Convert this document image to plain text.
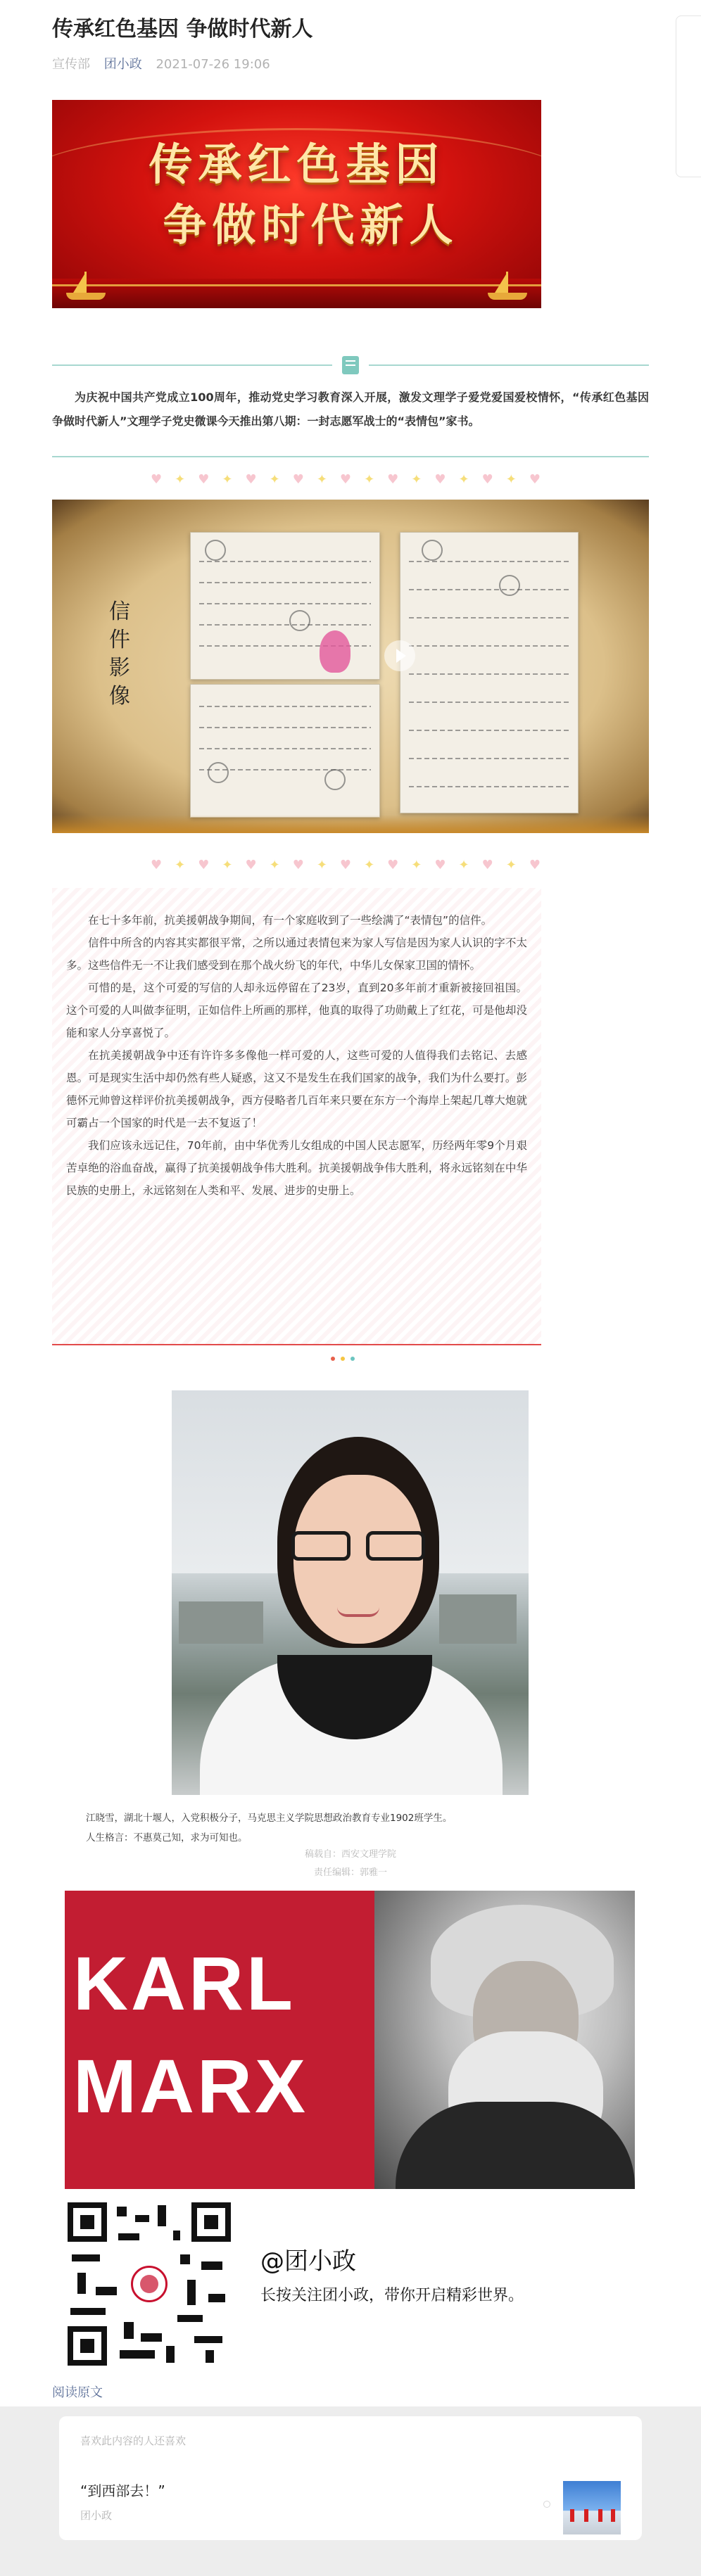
传承红色基因 争做时代新人
宣传部 团小政 2021-07-26 19:06
传承红色基因
争做时代新人

为庆祝中国共产党成立100周年，推动党史学习教育深入开展，激发文理学子爱党爱国爱校情怀，“传承红色基因 争做时代新人”文理学子党史微课今天推出第八期：一封志愿军战士的“表情包”家书。

♥✦♥✦♥✦♥✦♥✦♥✦♥✦♥✦♥
信件影像
♥✦♥✦♥✦♥✦♥✦♥✦♥✦♥✦♥

在七十多年前，抗美援朝战争期间，有一个家庭收到了一些绘满了“表情包”的信件。

信件中所含的内容其实都很平常，之所以通过表情包来为家人写信是因为家人认识的字不太多。这些信件无一不让我们感受到在那个战火纷飞的年代，中华儿女保家卫国的情怀。

可惜的是，这个可爱的写信的人却永远停留在了23岁，直到20多年前才重新被接回祖国。这个可爱的人叫做李征明，正如信件上所画的那样，他真的取得了功勋戴上了红花，可是他却没能和家人分享喜悦了。

在抗美援朝战争中还有许许多多像他一样可爱的人，这些可爱的人值得我们去铭记、去感恩。可是现实生活中却仍然有些人疑惑，这又不是发生在我们国家的战争，我们为什么要打。彭德怀元帅曾这样评价抗美援朝战争，西方侵略者几百年来只要在东方一个海岸上架起几尊大炮就可霸占一个国家的时代是一去不复返了！

我们应该永远记住，70年前，由中华优秀儿女组成的中国人民志愿军，历经两年零9个月艰苦卓绝的浴血奋战，赢得了抗美援朝战争伟大胜利。抗美援朝战争伟大胜利，将永远铭刻在中华民族的史册上，永远铭刻在人类和平、发展、进步的史册上。

江晓雪，湖北十堰人，入党积极分子，马克思主义学院思想政治教育专业1902班学生。
人生格言：不惠莫己知，求为可知也。
稿载自：西安文理学院
责任编辑：郭雅一
KARL
MARX
@团小政
长按关注团小政，带你开启精彩世界。
阅读原文
喜欢此内容的人还喜欢
“到西部去！”
团小政
